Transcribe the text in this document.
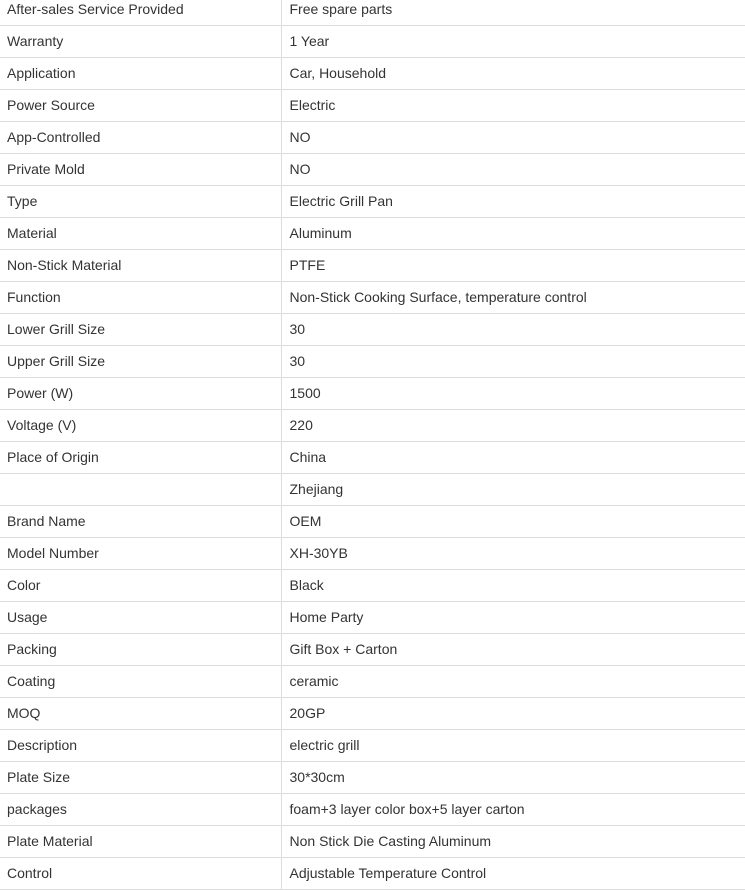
After-sales Service Provided	Free spare parts
Warranty	1 Year
Application	Car, Household
Power Source	Electric
App-Controlled	NO
Private Mold	NO
Type	Electric Grill Pan
Material	Aluminum
Non-Stick Material	PTFE
Function	Non-Stick Cooking Surface, temperature control
Lower Grill Size	30
Upper Grill Size	30
Power (W)	1500
Voltage (V)	220
Place of Origin	China
	Zhejiang
Brand Name	OEM
Model Number	XH-30YB
Color	Black
Usage	Home Party
Packing	Gift Box + Carton
Coating	ceramic
MOQ	20GP
Description	electric grill
Plate Size	30*30cm
packages	foam+3 layer color box+5 layer carton
Plate Material	Non Stick Die Casting Aluminum
Control	Adjustable Temperature Control
